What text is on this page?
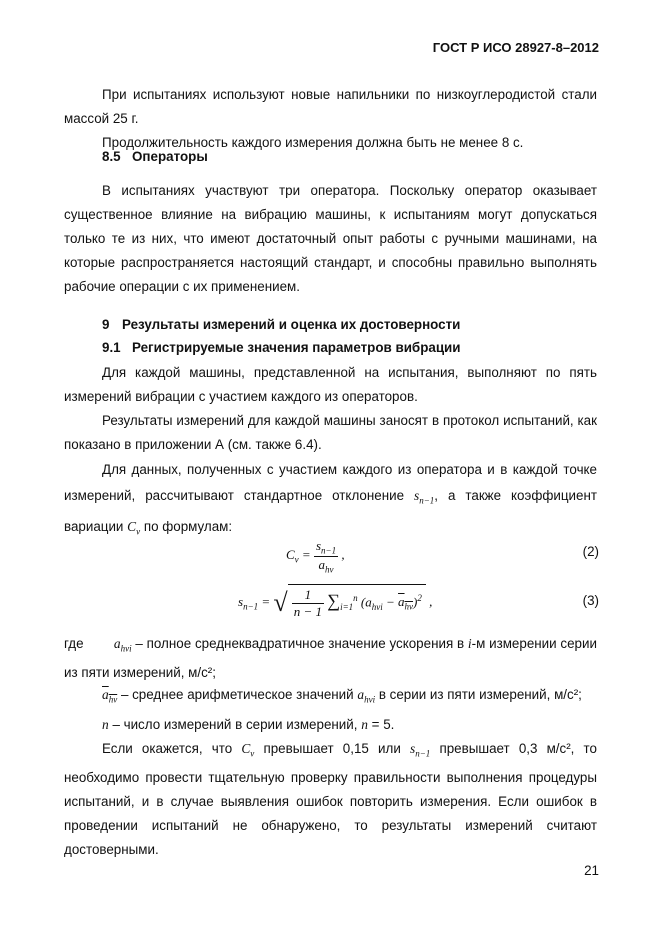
ГОСТ Р ИСО 28927-8–2012
При испытаниях используют новые напильники по низкоуглеродистой стали массой 25 г.
Продолжительность каждого измерения должна быть не менее 8 с.
8.5 Операторы
В испытаниях участвуют три оператора. Поскольку оператор оказывает существенное влияние на вибрацию машины, к испытаниям могут допускаться только те из них, что имеют достаточный опыт работы с ручными машинами, на которые распространяется настоящий стандарт, и способны правильно выполнять рабочие операции с их применением.
9 Результаты измерений и оценка их достоверности
9.1 Регистрируемые значения параметров вибрации
Для каждой машины, представленной на испытания, выполняют по пять измерений вибрации с участием каждого из операторов.
Результаты измерений для каждой машины заносят в протокол испытаний, как показано в приложении А (см. также 6.4).
Для данных, полученных с участием каждого из оператора и в каждой точке измерений, рассчитывают стандартное отклонение $s_{n-1}$, а также коэффициент вариации $C_v$ по формулам:
$C_v = \frac{s_{n-1}}{a_{hv}}$ ,	(2)
$s_{n-1}$ = √ $\frac{1}{n - 1} \sum_{i=1}^n$ $(a_{hvi} - a_{hv})^2$ ,	(3)
где $a_{hvi}$ – полное среднеквадратичное значение ускорения в i-м измерении серии из пяти измерений, м/с²;
$a_{hv}$ – среднее арифметическое значений $a_{hvi}$ в серии из пяти измерений, м/с²;
n – число измерений в серии измерений, n = 5.
Если окажется, что $C_v$ превышает 0,15 или $s_{n-1}$ превышает 0,3 м/с², то необходимо провести тщательную проверку правильности выполнения процедуры испытаний, и в случае выявления ошибок повторить измерения. Если ошибок в проведении испытаний не обнаружено, то результаты измерений считают достоверными.
21
